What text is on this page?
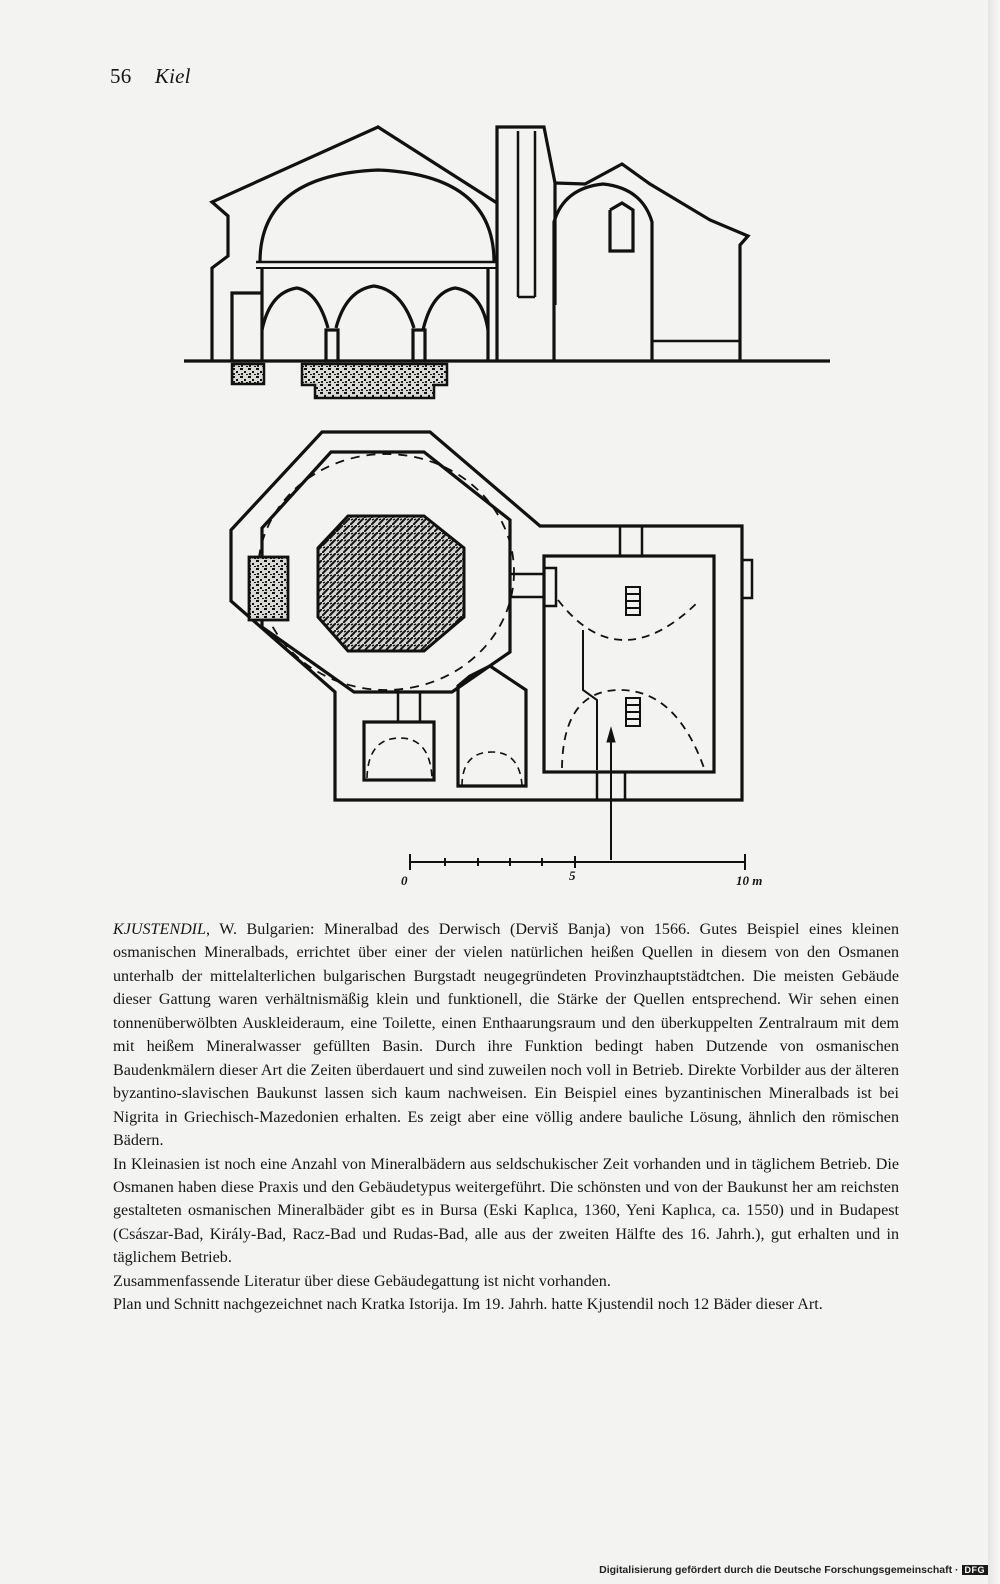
56 Kiel
0	5	10 m

KJUSTENDIL, W. Bulgarien: Mineralbad des Derwisch (Derviš Banja) von 1566. Gutes Beispiel eines kleinen osmanischen Mineralbads, errichtet über einer der vielen natürlichen heißen Quellen in diesem von den Osmanen unterhalb der mittelalterlichen bulgarischen Burgstadt neugegründeten Provinzhauptstädtchen. Die meisten Gebäude dieser Gattung waren verhältnismäßig klein und funktionell, die Stärke der Quellen entsprechend. Wir sehen einen tonnenüberwölbten Auskleideraum, eine Toilette, einen Enthaarungsraum und den überkuppelten Zentralraum mit dem mit heißem Mineralwasser gefüllten Basin. Durch ihre Funktion bedingt haben Dutzende von osmanischen Baudenkmälern dieser Art die Zeiten überdauert und sind zuweilen noch voll in Betrieb. Direkte Vorbilder aus der älteren byzantino-slavischen Baukunst lassen sich kaum nachweisen. Ein Beispiel eines byzantinischen Mineralbads ist bei Nigrita in Griechisch-Mazedonien erhalten. Es zeigt aber eine völlig andere bauliche Lösung, ähnlich den römischen Bädern.

In Kleinasien ist noch eine Anzahl von Mineralbädern aus seldschukischer Zeit vorhanden und in täglichem Betrieb. Die Osmanen haben diese Praxis und den Gebäudetypus weitergeführt. Die schönsten und von der Baukunst her am reichsten gestalteten osmanischen Mineralbäder gibt es in Bursa (Eski Kaplıca, 1360, Yeni Kaplıca, ca. 1550) und in Budapest (Császar-Bad, Király-Bad, Racz-Bad und Rudas-Bad, alle aus der zweiten Hälfte des 16. Jahrh.), gut erhalten und in täglichem Betrieb.

Zusammenfassende Literatur über diese Gebäudegattung ist nicht vorhanden.

Plan und Schnitt nachgezeichnet nach Kratka Istorija. Im 19. Jahrh. hatte Kjustendil noch 12 Bäder dieser Art.

Digitalisierung gefördert durch die Deutsche Forschungsgemeinschaft · DFG
